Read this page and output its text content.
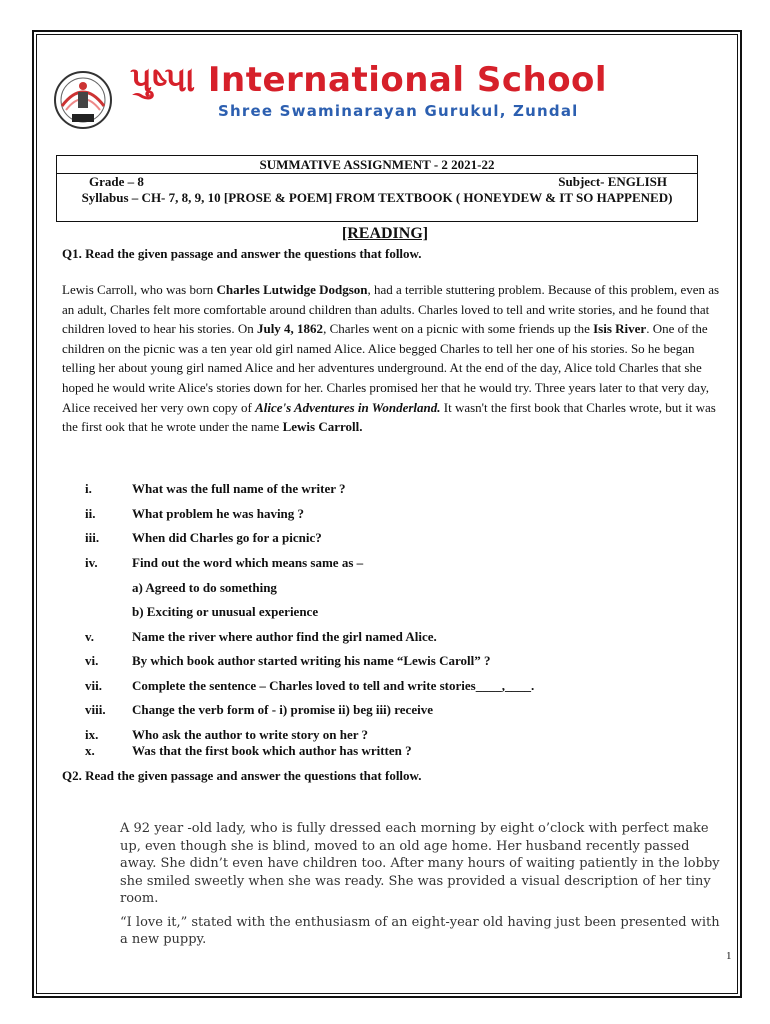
પુષ્પા International School
Shree Swaminarayan Gurukul, Zundal
SUMMATIVE ASSIGNMENT - 2 2021-22
Grade – 8	Subject- ENGLISH
Syllabus – CH- 7, 8, 9, 10 [PROSE & POEM] FROM TEXTBOOK ( HONEYDEW & IT SO HAPPENED)
[READING]
Q1. Read the given passage and answer the questions that follow.
Lewis Carroll, who was born Charles Lutwidge Dodgson, had a terrible stuttering problem. Because of this problem, even as an adult, Charles felt more comfortable around children than adults. Charles loved to tell and write stories, and he found that children loved to hear his stories. On July 4, 1862, Charles went on a picnic with some friends up the Isis River. One of the children on the picnic was a ten year old girl named Alice. Alice begged Charles to tell her one of his stories. So he began telling her about young girl named Alice and her adventures underground. At the end of the day, Alice told Charles that she hoped he would write Alice's stories down for her. Charles promised her that he would try. Three years later to that very day, Alice received her very own copy of Alice's Adventures in Wonderland. It wasn't the first book that Charles wrote, but it was the first ook that he wrote under the name Lewis Carroll.
i.	What was the full name of the writer ?
ii.	What problem he was having ?
iii.	When did Charles go for a picnic?
iv.	Find out the word which means same as –
a) Agreed to do something
b) Exciting or unusual experience
v.	Name the river where author find the girl named Alice.
vi.	By which book author started writing his name “Lewis Caroll” ?
vii. Complete the sentence – Charles loved to tell and write stories____,____.
viii. Change the verb form of - i) promise ii) beg iii) receive
ix.	Who ask the author to write story on her ?
x.	Was that the first book which author has written ?
Q2. Read the given passage and answer the questions that follow.

A 92 year -old lady, who is fully dressed each morning by eight o’clock with perfect make up, even though she is blind, moved to an old age home. Her husband recently passed away. She didn’t even have children too. After many hours of waiting patiently in the lobby she smiled sweetly when she was ready. She was provided a visual description of her tiny room.

“I love it,” stated with the enthusiasm of an eight-year old having just been presented with a new puppy.

1
